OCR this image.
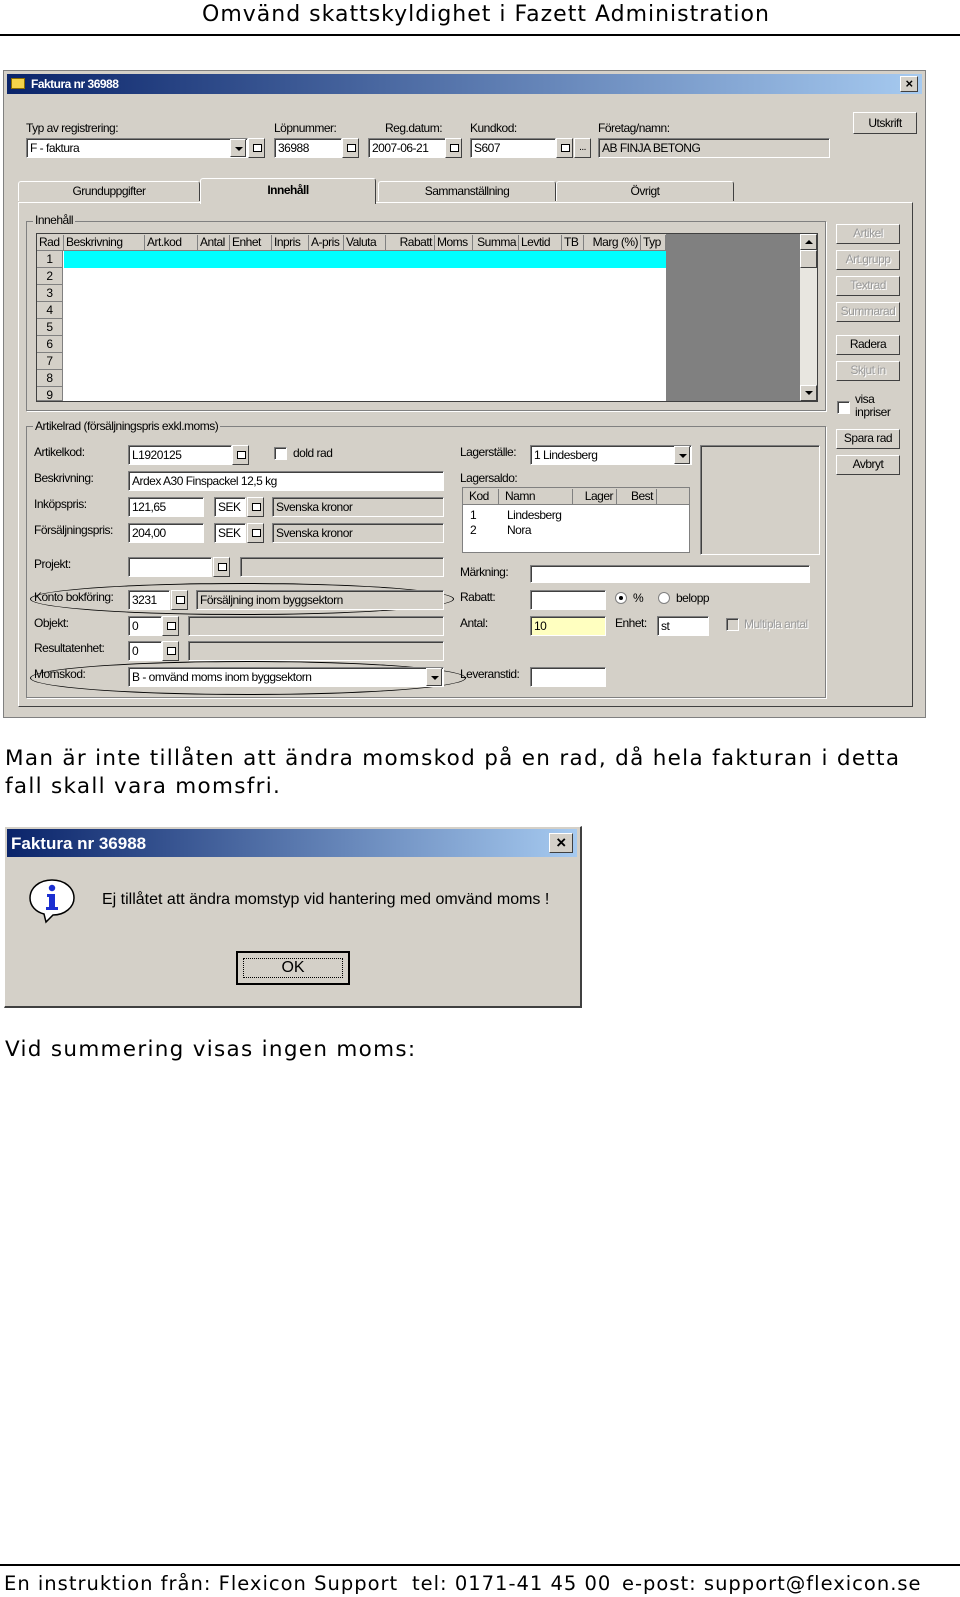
Omvänd skattskyldighet i Fazett Administration
Faktura nr 36988	×
Typ av registrering:
F - faktura
Löpnummer:
36988
Reg.datum:
2007-06-21
Kundkod:
S607	...
Företag/namn:
AB FINJA BETONG
Utskrift
Grunduppgifter	Innehåll	Sammanställning	Övrigt
Innehåll
Rad Beskrivning	Art.kod	Antal Enhet	Inpris A-pris Valuta	Rabatt Moms Summa Levtid	TB	Marg (%) Typ
1
2
3
4
5
6
7
8
9
Artikel
Art.grupp
Textrad
Summarad
Radera
Skjut in
visa inpriser
Spara rad
Avbryt
Artikelrad (försäljningspris exkl.moms)
Artikelkod:	L1920125	dold rad
Beskrivning:	Ardex A30 Finspackel 12,5 kg
Inköpspris:	121,65	SEK	Svenska kronor
Försäljningspris:	204,00	SEK	Svenska kronor
Projekt:
Konto bokföring:	3231	Försäljning inom byggsektorn
Objekt:	0
Resultatenhet:	0
Momskod:	B - omvänd moms inom byggsektorn
Lagerställe:	1 Lindesberg
Lagersaldo:
Kod	Namn	Lager	Best
1	Lindesberg
2	Nora
Märkning:
Rabatt:	%	belopp
Antal:	10	Enhet:	st	Multipla antal
Leveranstid:
Man är inte tillåten att ändra momskod på en rad, då hela fakturan i detta fall skall vara momsfri.
Faktura nr 36988	×
Ej tillåtet att ändra momstyp vid hantering med omvänd moms !
OK
Vid summering visas ingen moms:
En instruktion från: Flexicon Support tel: 0171-41 45 00 e-post: support@flexicon.se
